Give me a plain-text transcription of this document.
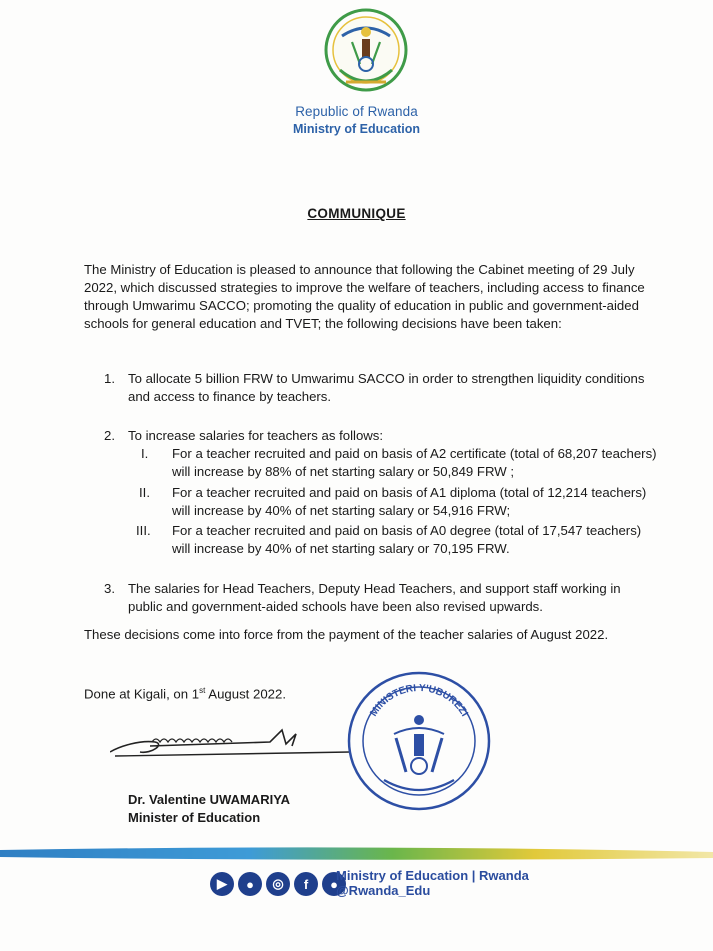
Republic of Rwanda
Ministry of Education
COMMUNIQUE
The Ministry of Education is pleased to announce that following the Cabinet meeting of 29 July 2022, which discussed strategies to improve the welfare of teachers, including access to finance through Umwarimu SACCO; promoting the quality of education in public and government-aided schools for general education and TVET; the following decisions have been taken:
1. To allocate 5 billion FRW to Umwarimu SACCO in order to strengthen liquidity conditions and access to finance by teachers.
2. To increase salaries for teachers as follows:
I.	For a teacher recruited and paid on basis of A2 certificate (total of 68,207 teachers) will increase by 88% of net starting salary or 50,849 FRW ;
II.	For a teacher recruited and paid on basis of A1 diploma (total of 12,214 teachers) will increase by 40% of net starting salary or 54,916 FRW;
III.	For a teacher recruited and paid on basis of A0 degree (total of 17,547 teachers) will increase by 40% of net starting salary or 70,195 FRW.
3. The salaries for Head Teachers, Deputy Head Teachers, and support staff working in public and government-aided schools have been also revised upwards.
These decisions come into force from the payment of the teacher salaries of August 2022.
Done at Kigali, on 1st August 2022.
Dr. Valentine UWAMARIYA
Minister of Education
MINISTERI Y'UBUREZI
▶	●	◎	f	●
Ministry of Education | Rwanda
@Rwanda_Edu
